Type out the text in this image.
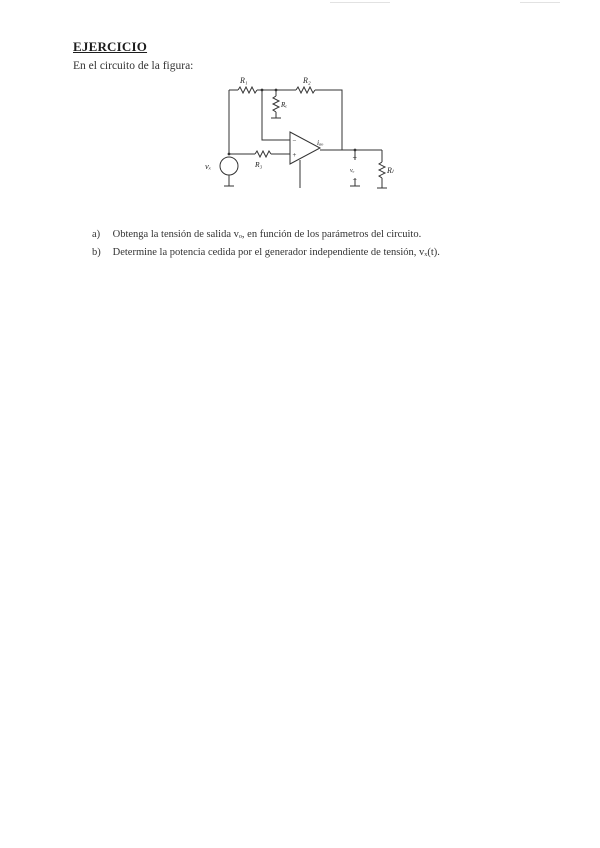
EJERCICIO
En el circuito de la figura:
R₁	R₂
Rₑ
R₃
Rₗ
vₓ
iₐₒ
vₒ
+
−
−
+
a) Obtenga la tensión de salida vₒ, en función de los parámetros del circuito.
b) Determine la potencia cedida por el generador independiente de tensión, vₓ(t).
